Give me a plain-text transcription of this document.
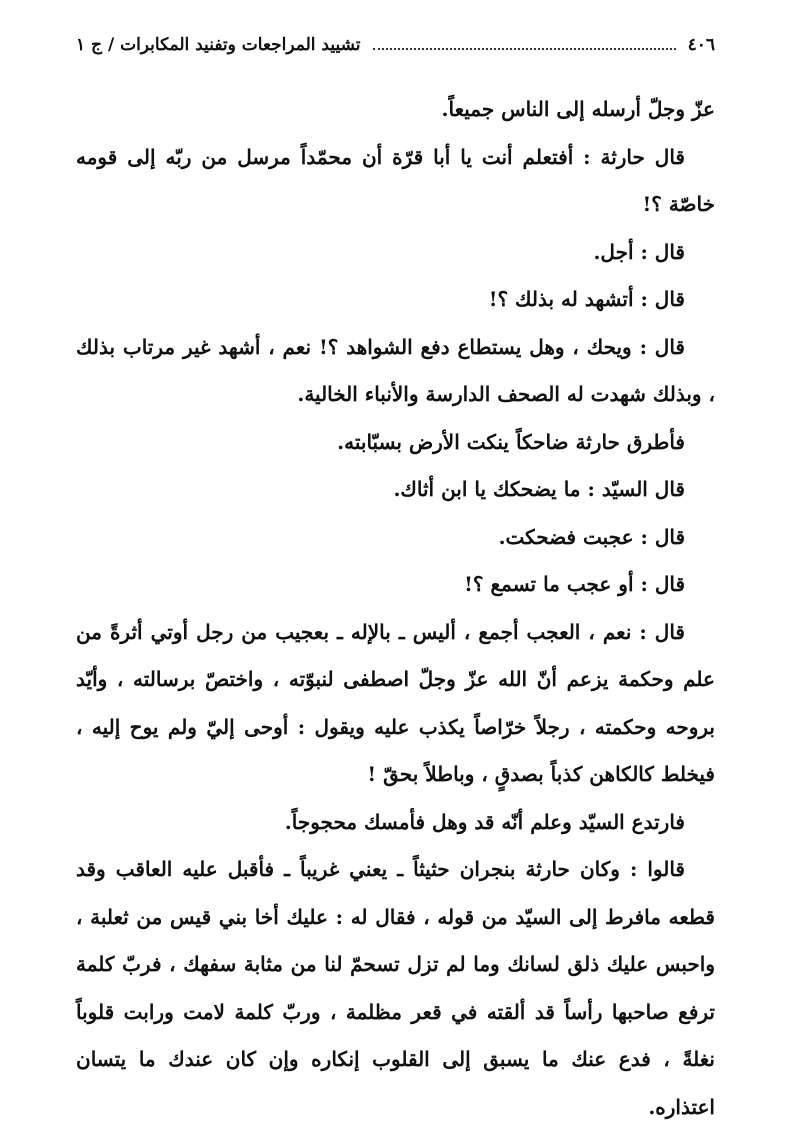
٤٠٦
تشييد المراجعات وتفنيد المكابرات / ج ١

عزّ وجلّ أرسله إلى الناس جميعاً.

قال حارثة : أفتعلم أنت يا أبا قرّة أن محمّداً مرسل من ربّه إلى قومه خاصّة ؟!

قال : أجل.

قال : أتشهد له بذلك ؟!

قال : ويحك ، وهل يستطاع دفع الشواهد ؟! نعم ، أشهد غير مرتاب بذلك ، وبذلك شهدت له الصحف الدارسة والأنباء الخالية.

فأطرق حارثة ضاحكاً ينكت الأرض بسبّابته.

قال السيّد : ما يضحكك يا ابن أثاك.

قال : عجبت فضحكت.

قال : أو عجب ما تسمع ؟!

قال : نعم ، العجب أجمع ، أليس ـ بالإله ـ بعجيب من رجل أوتي أثرةً من علم وحكمة يزعم أنّ الله عزّ وجلّ اصطفى لنبوّته ، واختصّ برسالته ، وأيّد بروحه وحكمته ، رجلاً خرّاصاً يكذب عليه ويقول : أوحى إليّ ولم يوح إليه ، فيخلط كالكاهن كذباً بصدقٍ ، وباطلاً بحقّ !

فارتدع السيّد وعلم أنّه قد وهل فأمسك محجوجاً.

قالوا : وكان حارثة بنجران حثيثاً ـ يعني غريباً ـ فأقبل عليه العاقب وقد قطعه مافرط إلى السيّد من قوله ، فقال له : عليك أخا بني قيس من ثعلبة ، واحبس عليك ذلق لسانك وما لم تزل تسحمّ لنا من مثابة سفهك ، فربّ كلمة ترفع صاحبها رأساً قد ألقته في قعر مظلمة ، وربّ كلمة لامت ورابت قلوباً نغلةً ، فدع عنك ما يسبق إلى القلوب إنكاره وإن كان عندك ما يتسان اعتذاره.
